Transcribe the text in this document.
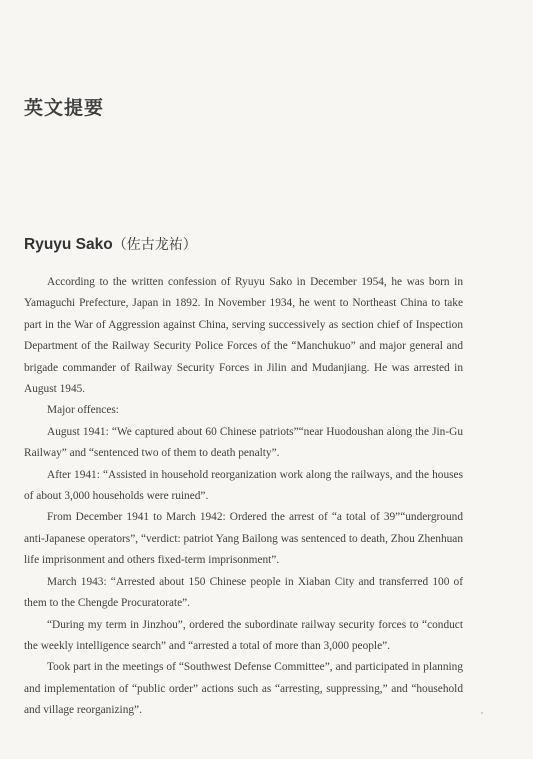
英文提要
Ryuyu Sako（佐古龙祐）

According to the written confession of Ryuyu Sako in December 1954, he was born in Yamaguchi Prefecture, Japan in 1892. In November 1934, he went to Northeast China to take part in the War of Aggression against China, serving successively as section chief of Inspection Department of the Railway Security Police Forces of the “Manchukuo” and major general and brigade commander of Railway Security Forces in Jilin and Mudanjiang. He was arrested in August 1945.

Major offences:

August 1941: “We captured about 60 Chinese patriots”“near Huodoushan along the Jin-Gu Railway” and “sentenced two of them to death penalty”.

After 1941: “Assisted in household reorganization work along the railways, and the houses of about 3,000 households were ruined”.

From December 1941 to March 1942: Ordered the arrest of “a total of 39”“underground anti-Japanese operators”, “verdict: patriot Yang Bailong was sentenced to death, Zhou Zhenhuan life imprisonment and others fixed-term imprisonment”.

March 1943: “Arrested about 150 Chinese people in Xiaban City and transferred 100 of them to the Chengde Procuratorate”.

“During my term in Jinzhou”, ordered the subordinate railway security forces to “conduct the weekly intelligence search” and “arrested a total of more than 3,000 people”.

Took part in the meetings of “Southwest Defense Committee”, and participated in planning and implementation of “public order” actions such as “arresting, suppressing,” and “household and village reorganizing”.
